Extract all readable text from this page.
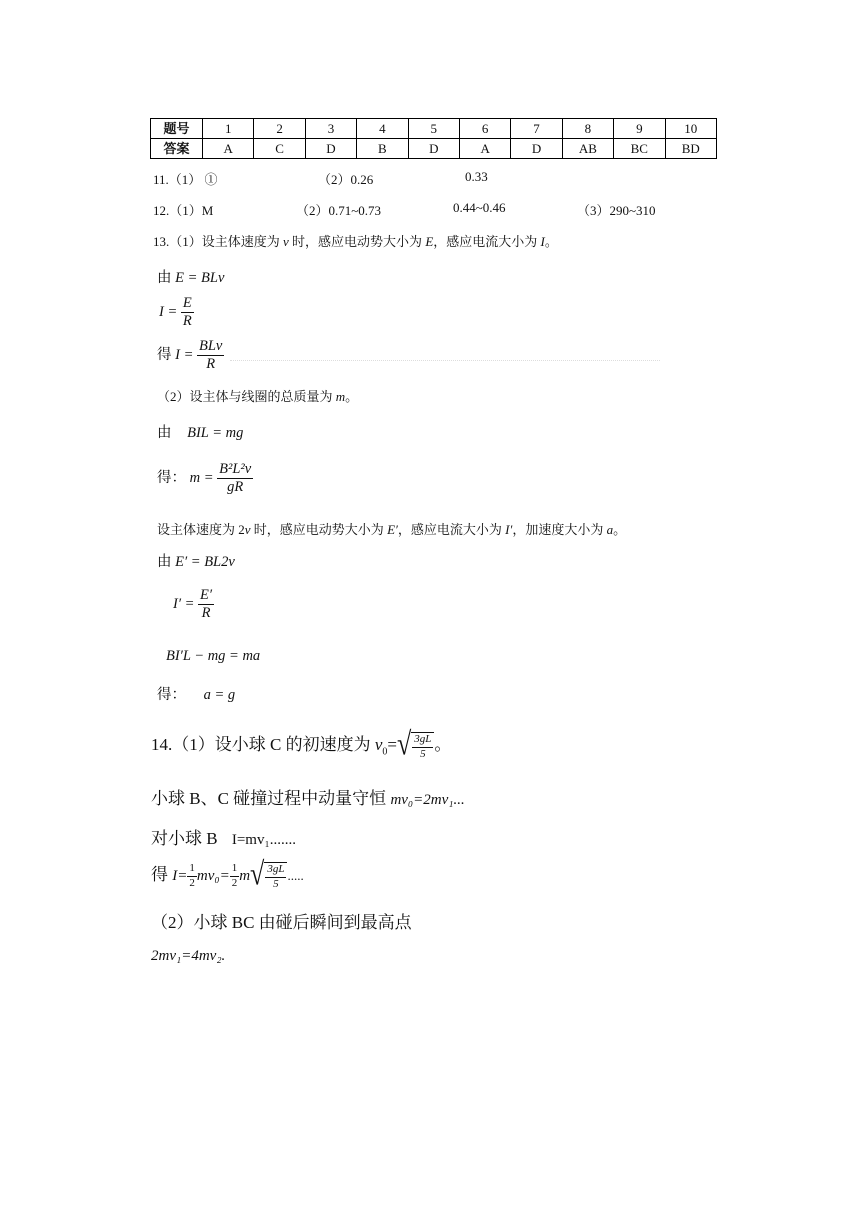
题号	1	2	3	4	5	6	7	8	9	10
答案	A	C	D	B	D	A	D	AB	BC	BD
11.（1） ①	（2）0.26	0.33
12.（1）M	（2）0.71~0.73	0.44~0.46	（3）290~310
13.（1）设主体速度为 v 时，感应电动势大小为 E，感应电流大小为 I。
由 E = BLv
$I = \frac{E}{R}$
得 $I = \frac{\text{BLv}}{R}$
（2）设主体与线圈的总质量为 m。
由 BIL = mg
得： $m = \frac{\text{B²L²v}}{gR}$
设主体速度为 2v 时，感应电动势大小为 E′，感应电流大小为 I′，加速度大小为 a。
由 E′ = BL2v
$I' = \frac{E'}{R}$
BI′L − mg = ma
得： a = g
14.（1）设小球 C 的初速度为 $v_0=$ √ $\frac{3gL}{5}$ 。
小球 B、C 碰撞过程中动量守恒 mv₀=2mv₁...
对小球 B I=mv₁.......
得 $I= \frac{1}{2} mv_0= \frac{1}{2}$ m √ $\frac{3gL}{5}$ .....
（2）小球 BC 由碰后瞬间到最高点
2mv₁=4mv₂.
